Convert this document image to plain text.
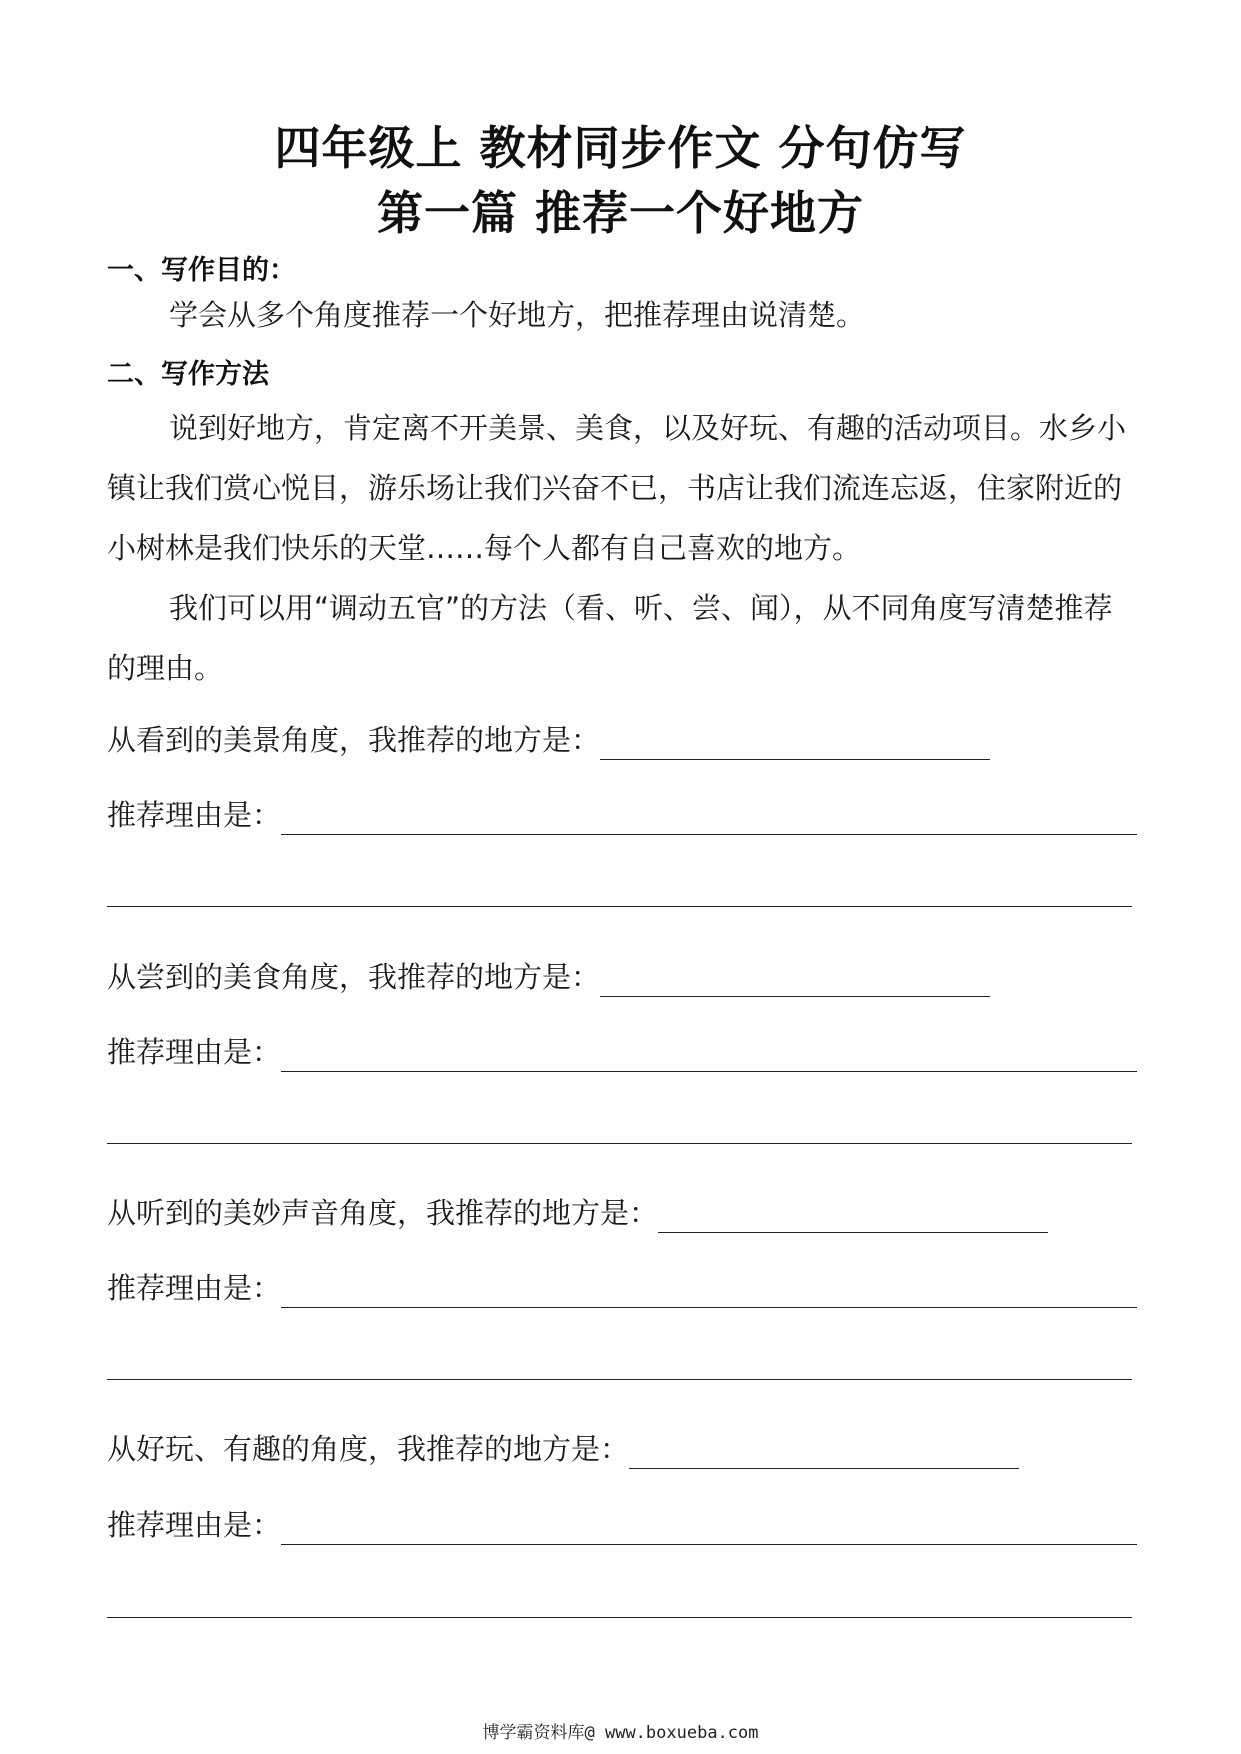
四年级上 教材同步作文 分句仿写
第一篇 推荐一个好地方
一、写作目的：
学会从多个角度推荐一个好地方，把推荐理由说清楚。
二、写作方法
说到好地方，肯定离不开美景、美食，以及好玩、有趣的活动项目。水乡小镇让我们赏心悦目，游乐场让我们兴奋不已，书店让我们流连忘返，住家附近的小树林是我们快乐的天堂……每个人都有自己喜欢的地方。
我们可以用“调动五官”的方法（看、听、尝、闻），从不同角度写清楚推荐的理由。
从看到的美景角度，我推荐的地方是：
推荐理由是：
从尝到的美食角度，我推荐的地方是：
推荐理由是：
从听到的美妙声音角度，我推荐的地方是：
推荐理由是：
从好玩、有趣的角度，我推荐的地方是：
推荐理由是：
博学霸资料库@ www.boxueba.com
